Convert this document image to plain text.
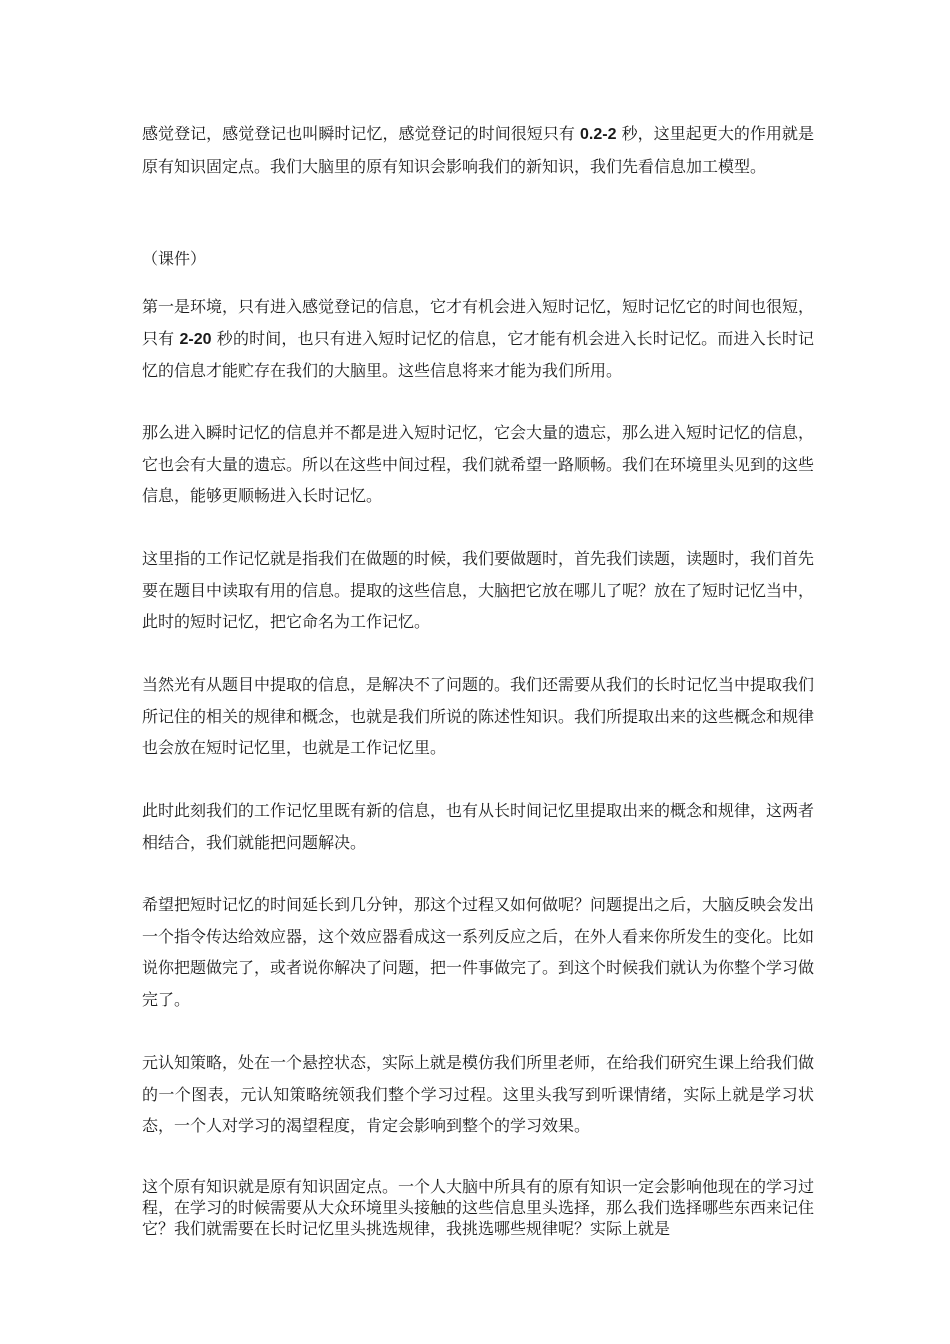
感觉登记，感觉登记也叫瞬时记忆，感觉登记的时间很短只有 0.2-2 秒，这里起更大的作用就是原有知识固定点。我们大脑里的原有知识会影响我们的新知识，我们先看信息加工模型。

（课件）

第一是环境，只有进入感觉登记的信息，它才有机会进入短时记忆，短时记忆它的时间也很短，只有 2-20 秒的时间，也只有进入短时记忆的信息，它才能有机会进入长时记忆。而进入长时记忆的信息才能贮存在我们的大脑里。这些信息将来才能为我们所用。

那么进入瞬时记忆的信息并不都是进入短时记忆，它会大量的遗忘，那么进入短时记忆的信息，它也会有大量的遗忘。所以在这些中间过程，我们就希望一路顺畅。我们在环境里头见到的这些信息，能够更顺畅进入长时记忆。

这里指的工作记忆就是指我们在做题的时候，我们要做题时，首先我们读题，读题时，我们首先要在题目中读取有用的信息。提取的这些信息，大脑把它放在哪儿了呢？放在了短时记忆当中，此时的短时记忆，把它命名为工作记忆。

当然光有从题目中提取的信息，是解决不了问题的。我们还需要从我们的长时记忆当中提取我们所记住的相关的规律和概念，也就是我们所说的陈述性知识。我们所提取出来的这些概念和规律也会放在短时记忆里，也就是工作记忆里。

此时此刻我们的工作记忆里既有新的信息，也有从长时间记忆里提取出来的概念和规律，这两者相结合，我们就能把问题解决。

希望把短时记忆的时间延长到几分钟，那这个过程又如何做呢？问题提出之后，大脑反映会发出一个指令传达给效应器，这个效应器看成这一系列反应之后，在外人看来你所发生的变化。比如说你把题做完了，或者说你解决了问题，把一件事做完了。到这个时候我们就认为你整个学习做完了。

元认知策略，处在一个悬控状态，实际上就是模仿我们所里老师，在给我们研究生课上给我们做的一个图表，元认知策略统领我们整个学习过程。这里头我写到听课情绪，实际上就是学习状态，一个人对学习的渴望程度，肯定会影响到整个的学习效果。

这个原有知识就是原有知识固定点。一个人大脑中所具有的原有知识一定会影响他现在的学习过程，在学习的时候需要从大众环境里头接触的这些信息里头选择，那么我们选择哪些东西来记住它？我们就需要在长时记忆里头挑选规律，我挑选哪些规律呢？实际上就是
